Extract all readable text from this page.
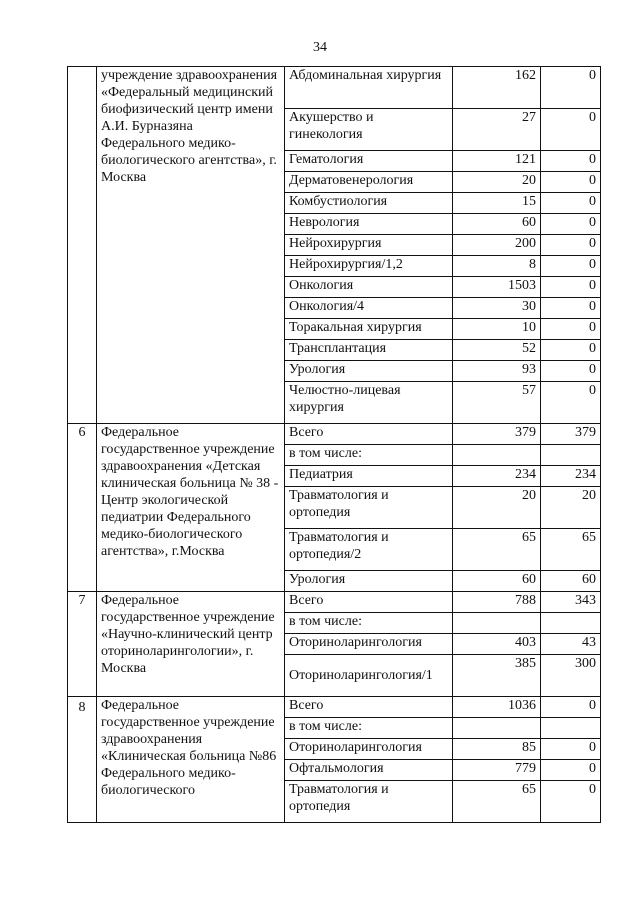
34
	учреждение здравоохранения «Федеральный медицинский биофизический центр имени А.И. Бурназяна Федерального медико-биологического агентства», г. Москва	Абдоминальная хирургия	162	0
		Акушерство и гинекология	27	0
		Гематология	121	0
		Дерматовенерология	20	0
		Комбустиология	15	0
		Неврология	60	0
		Нейрохирургия	200	0
		Нейрохирургия/1,2	8	0
		Онкология	1503	0
		Онкология/4	30	0
		Торакальная хирургия	10	0
		Трансплантация	52	0
		Урология	93	0
		Челюстно-лицевая хирургия	57	0
6	Федеральное государственное учреждение здравоохранения «Детская клиническая больница № 38 - Центр экологической педиатрии Федерального медико-биологического агентства», г.Москва	Всего	379	379
		в том числе:		
		Педиатрия	234	234
		Травматология и ортопедия	20	20
		Травматология и ортопедия/2	65	65
		Урология	60	60
7	Федеральное государственное учреждение «Научно-клинический центр оториноларингологии», г. Москва	Всего	788	343
		в том числе:		
		Оториноларингология	403	43
		Оториноларингология/1	385	300
8	Федеральное государственное учреждение здравоохранения «Клиническая больница №86 Федерального медико-биологического	Всего	1036	0
		в том числе:		
		Оториноларингология	85	0
		Офтальмология	779	0
		Травматология и ортопедия	65	0
